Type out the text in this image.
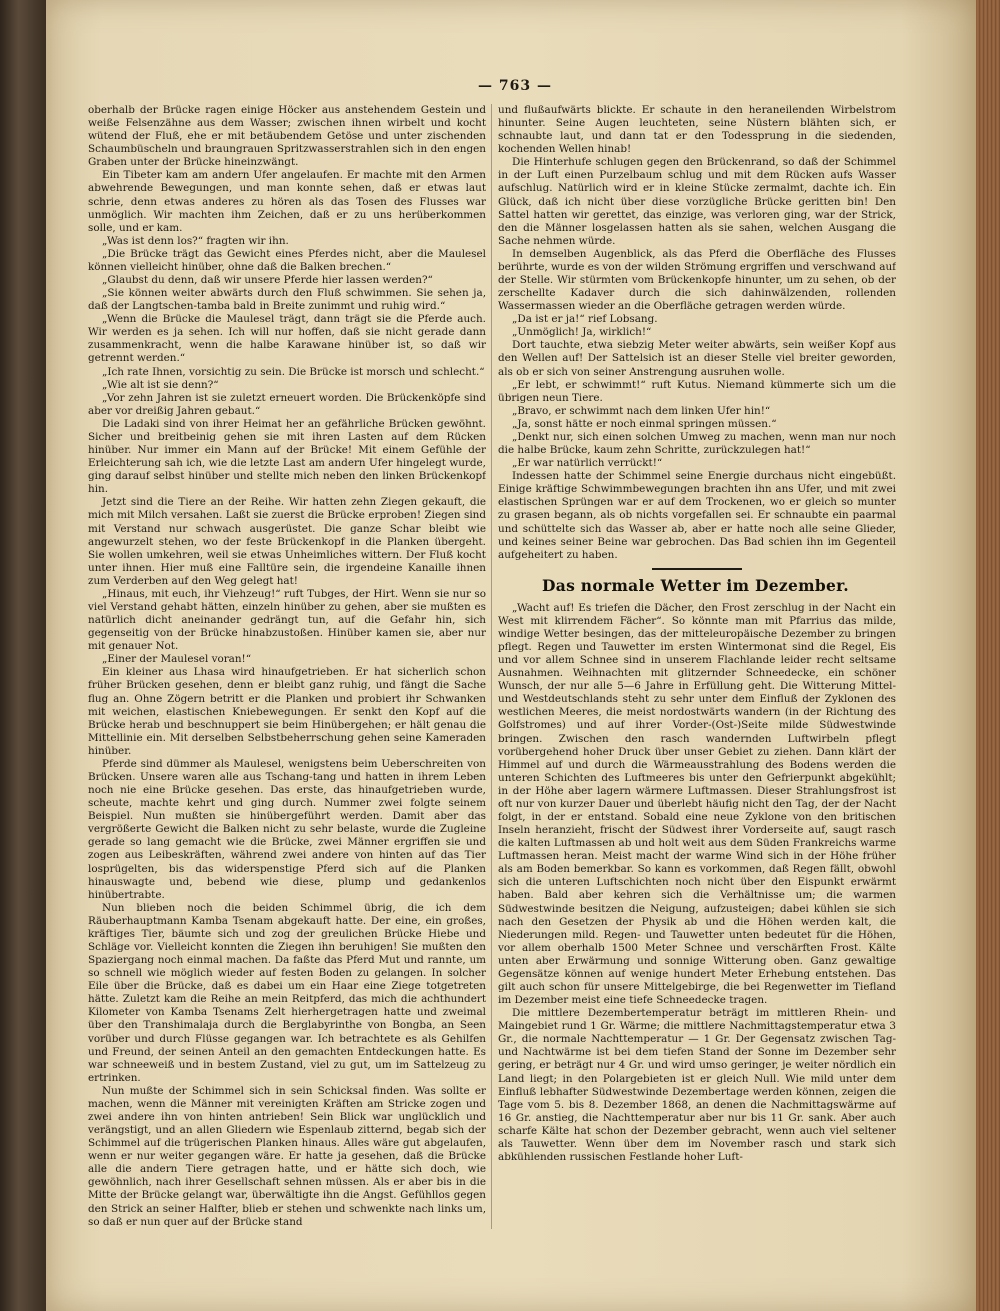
— 763 —

oberhalb der Brücke ragen einige Höcker aus anstehendem Gestein und weiße Felsenzähne aus dem Wasser; zwischen ihnen wirbelt und kocht wütend der Fluß, ehe er mit betäubendem Getöse und unter zischenden Schaumbüscheln und braungrauen Spritzwasserstrahlen sich in den engen Graben unter der Brücke hineinzwängt.

Ein Tibeter kam am andern Ufer angelaufen. Er machte mit den Armen abwehrende Bewegungen, und man konnte sehen, daß er etwas laut schrie, denn etwas anderes zu hören als das Tosen des Flusses war unmöglich. Wir machten ihm Zeichen, daß er zu uns herüberkommen solle, und er kam.

„Was ist denn los?“ fragten wir ihn.

„Die Brücke trägt das Gewicht eines Pferdes nicht, aber die Maulesel können vielleicht hinüber, ohne daß die Balken brechen.“

„Glaubst du denn, daß wir unsere Pferde hier lassen werden?“

„Sie können weiter abwärts durch den Fluß schwimmen. Sie sehen ja, daß der Langtschen-tamba bald in Breite zunimmt und ruhig wird.“

„Wenn die Brücke die Maulesel trägt, dann trägt sie die Pferde auch. Wir werden es ja sehen. Ich will nur hoffen, daß sie nicht gerade dann zusammenkracht, wenn die halbe Karawane hinüber ist, so daß wir getrennt werden.“

„Ich rate Ihnen, vorsichtig zu sein. Die Brücke ist morsch und schlecht.“

„Wie alt ist sie denn?“

„Vor zehn Jahren ist sie zuletzt erneuert worden. Die Brückenköpfe sind aber vor dreißig Jahren gebaut.“

Die Ladaki sind von ihrer Heimat her an gefährliche Brücken gewöhnt. Sicher und breitbeinig gehen sie mit ihren Lasten auf dem Rücken hinüber. Nur immer ein Mann auf der Brücke! Mit einem Gefühle der Erleichterung sah ich, wie die letzte Last am andern Ufer hingelegt wurde, ging darauf selbst hinüber und stellte mich neben den linken Brückenkopf hin.

Jetzt sind die Tiere an der Reihe. Wir hatten zehn Ziegen gekauft, die mich mit Milch versahen. Laßt sie zuerst die Brücke erproben! Ziegen sind mit Verstand nur schwach ausgerüstet. Die ganze Schar bleibt wie angewurzelt stehen, wo der feste Brückenkopf in die Planken übergeht. Sie wollen umkehren, weil sie etwas Unheimliches wittern. Der Fluß kocht unter ihnen. Hier muß eine Falltüre sein, die irgendeine Kanaille ihnen zum Verderben auf den Weg gelegt hat!

„Hinaus, mit euch, ihr Viehzeug!“ ruft Tubges, der Hirt. Wenn sie nur so viel Verstand gehabt hätten, einzeln hinüber zu gehen, aber sie mußten es natürlich dicht aneinander gedrängt tun, auf die Gefahr hin, sich gegenseitig von der Brücke hinabzustoßen. Hinüber kamen sie, aber nur mit genauer Not.

„Einer der Maulesel voran!“

Ein kleiner aus Lhasa wird hinaufgetrieben. Er hat sicherlich schon früher Brücken gesehen, denn er bleibt ganz ruhig, und fängt die Sache flug an. Ohne Zögern betritt er die Planken und probiert ihr Schwanken mit weichen, elastischen Kniebewegungen. Er senkt den Kopf auf die Brücke herab und beschnuppert sie beim Hinübergehen; er hält genau die Mittellinie ein. Mit derselben Selbstbeherrschung gehen seine Kameraden hinüber.

Pferde sind dümmer als Maulesel, wenigstens beim Ueberschreiten von Brücken. Unsere waren alle aus Tschang-tang und hatten in ihrem Leben noch nie eine Brücke gesehen. Das erste, das hinaufgetrieben wurde, scheute, machte kehrt und ging durch. Nummer zwei folgte seinem Beispiel. Nun mußten sie hinübergeführt werden. Damit aber das vergrößerte Gewicht die Balken nicht zu sehr belaste, wurde die Zugleine gerade so lang gemacht wie die Brücke, zwei Männer ergriffen sie und zogen aus Leibeskräften, während zwei andere von hinten auf das Tier losprügelten, bis das widerspenstige Pferd sich auf die Planken hinauswagte und, bebend wie diese, plump und gedankenlos hinübertrabte.

Nun blieben noch die beiden Schimmel übrig, die ich dem Räuberhauptmann Kamba Tsenam abgekauft hatte. Der eine, ein großes, kräftiges Tier, bäumte sich und zog der greulichen Brücke Hiebe und Schläge vor. Vielleicht konnten die Ziegen ihn beruhigen! Sie mußten den Spaziergang noch einmal machen. Da faßte das Pferd Mut und rannte, um so schnell wie möglich wieder auf festen Boden zu gelangen. In solcher Eile über die Brücke, daß es dabei um ein Haar eine Ziege totgetreten hätte. Zuletzt kam die Reihe an mein Reitpferd, das mich die achthundert Kilometer von Kamba Tsenams Zelt hierhergetragen hatte und zweimal über den Transhimalaja durch die Berglabyrinthe von Bongba, an Seen vorüber und durch Flüsse gegangen war. Ich betrachtete es als Gehilfen und Freund, der seinen Anteil an den gemachten Entdeckungen hatte. Es war schneeweiß und in bestem Zustand, viel zu gut, um im Sattelzeug zu ertrinken.

Nun mußte der Schimmel sich in sein Schicksal finden. Was sollte er machen, wenn die Männer mit vereinigten Kräften am Stricke zogen und zwei andere ihn von hinten antrieben! Sein Blick war unglücklich und verängstigt, und an allen Gliedern wie Espenlaub zitternd, begab sich der Schimmel auf die trügerischen Planken hinaus. Alles wäre gut abgelaufen, wenn er nur weiter gegangen wäre. Er hatte ja gesehen, daß die Brücke alle die andern Tiere getragen hatte, und er hätte sich doch, wie gewöhnlich, nach ihrer Gesellschaft sehnen müssen. Als er aber bis in die Mitte der Brücke gelangt war, überwältigte ihn die Angst. Gefühllos gegen den Strick an seiner Halfter, blieb er stehen und schwenkte nach links um, so daß er nun quer auf der Brücke stand

und flußaufwärts blickte. Er schaute in den heraneilenden Wirbelstrom hinunter. Seine Augen leuchteten, seine Nüstern blähten sich, er schnaubte laut, und dann tat er den Todessprung in die siedenden, kochenden Wellen hinab!

Die Hinterhufe schlugen gegen den Brückenrand, so daß der Schimmel in der Luft einen Purzelbaum schlug und mit dem Rücken aufs Wasser aufschlug. Natürlich wird er in kleine Stücke zermalmt, dachte ich. Ein Glück, daß ich nicht über diese vorzügliche Brücke geritten bin! Den Sattel hatten wir gerettet, das einzige, was verloren ging, war der Strick, den die Männer losgelassen hatten als sie sahen, welchen Ausgang die Sache nehmen würde.

In demselben Augenblick, als das Pferd die Oberfläche des Flusses berührte, wurde es von der wilden Strömung ergriffen und verschwand auf der Stelle. Wir stürmten vom Brückenkopfe hinunter, um zu sehen, ob der zerschellte Kadaver durch die sich dahinwälzenden, rollenden Wassermassen wieder an die Oberfläche getragen werden würde.

„Da ist er ja!“ rief Lobsang.

„Unmöglich! Ja, wirklich!“

Dort tauchte, etwa siebzig Meter weiter abwärts, sein weißer Kopf aus den Wellen auf! Der Sattelsich ist an dieser Stelle viel breiter geworden, als ob er sich von seiner Anstrengung ausruhen wolle.

„Er lebt, er schwimmt!“ ruft Kutus. Niemand kümmerte sich um die übrigen neun Tiere.

„Bravo, er schwimmt nach dem linken Ufer hin!“

„Ja, sonst hätte er noch einmal springen müssen.“

„Denkt nur, sich einen solchen Umweg zu machen, wenn man nur noch die halbe Brücke, kaum zehn Schritte, zurückzulegen hat!“

„Er war natürlich verrückt!“

Indessen hatte der Schimmel seine Energie durchaus nicht eingebüßt. Einige kräftige Schwimmbewegungen brachten ihn ans Ufer, und mit zwei elastischen Sprüngen war er auf dem Trockenen, wo er gleich so munter zu grasen begann, als ob nichts vorgefallen sei. Er schnaubte ein paarmal und schüttelte sich das Wasser ab, aber er hatte noch alle seine Glieder, und keines seiner Beine war gebrochen. Das Bad schien ihn im Gegenteil aufgeheitert zu haben.

Das normale Wetter im Dezember.

„Wacht auf! Es triefen die Dächer, den Frost zerschlug in der Nacht ein West mit klirrendem Fächer“. So könnte man mit Pfarrius das milde, windige Wetter besingen, das der mitteleuropäische Dezember zu bringen pflegt. Regen und Tauwetter im ersten Wintermonat sind die Regel, Eis und vor allem Schnee sind in unserem Flachlande leider recht seltsame Ausnahmen. Weihnachten mit glitzernder Schneedecke, ein schöner Wunsch, der nur alle 5—6 Jahre in Erfüllung geht. Die Witterung Mittel- und Westdeutschlands steht zu sehr unter dem Einfluß der Zyklonen des westlichen Meeres, die meist nordostwärts wandern (in der Richtung des Golfstromes) und auf ihrer Vorder-(Ost-)Seite milde Südwestwinde bringen. Zwischen den rasch wandernden Luftwirbeln pflegt vorübergehend hoher Druck über unser Gebiet zu ziehen. Dann klärt der Himmel auf und durch die Wärmeausstrahlung des Bodens werden die unteren Schichten des Luftmeeres bis unter den Gefrierpunkt abgekühlt; in der Höhe aber lagern wärmere Luftmassen. Dieser Strahlungsfrost ist oft nur von kurzer Dauer und überlebt häufig nicht den Tag, der der Nacht folgt, in der er entstand. Sobald eine neue Zyklone von den britischen Inseln heranzieht, frischt der Südwest ihrer Vorderseite auf, saugt rasch die kalten Luftmassen ab und holt weit aus dem Süden Frankreichs warme Luftmassen heran. Meist macht der warme Wind sich in der Höhe früher als am Boden bemerkbar. So kann es vorkommen, daß Regen fällt, obwohl sich die unteren Luftschichten noch nicht über den Eispunkt erwärmt haben. Bald aber kehren sich die Verhältnisse um; die warmen Südwestwinde besitzen die Neigung, aufzusteigen; dabei kühlen sie sich nach den Gesetzen der Physik ab und die Höhen werden kalt, die Niederungen mild. Regen- und Tauwetter unten bedeutet für die Höhen, vor allem oberhalb 1500 Meter Schnee und verschärften Frost. Kälte unten aber Erwärmung und sonnige Witterung oben. Ganz gewaltige Gegensätze können auf wenige hundert Meter Erhebung entstehen. Das gilt auch schon für unsere Mittelgebirge, die bei Regenwetter im Tiefland im Dezember meist eine tiefe Schneedecke tragen.

Die mittlere Dezembertemperatur beträgt im mittleren Rhein- und Maingebiet rund 1 Gr. Wärme; die mittlere Nachmittagstemperatur etwa 3 Gr., die normale Nachttemperatur — 1 Gr. Der Gegensatz zwischen Tag- und Nachtwärme ist bei dem tiefen Stand der Sonne im Dezember sehr gering, er beträgt nur 4 Gr. und wird umso geringer, je weiter nördlich ein Land liegt; in den Polargebieten ist er gleich Null. Wie mild unter dem Einfluß lebhafter Südwestwinde Dezembertage werden können, zeigen die Tage vom 5. bis 8. Dezember 1868, an denen die Nachmittagswärme auf 16 Gr. anstieg, die Nachttemperatur aber nur bis 11 Gr. sank. Aber auch scharfe Kälte hat schon der Dezember gebracht, wenn auch viel seltener als Tauwetter. Wenn über dem im November rasch und stark sich abkühlenden russischen Festlande hoher Luft-
